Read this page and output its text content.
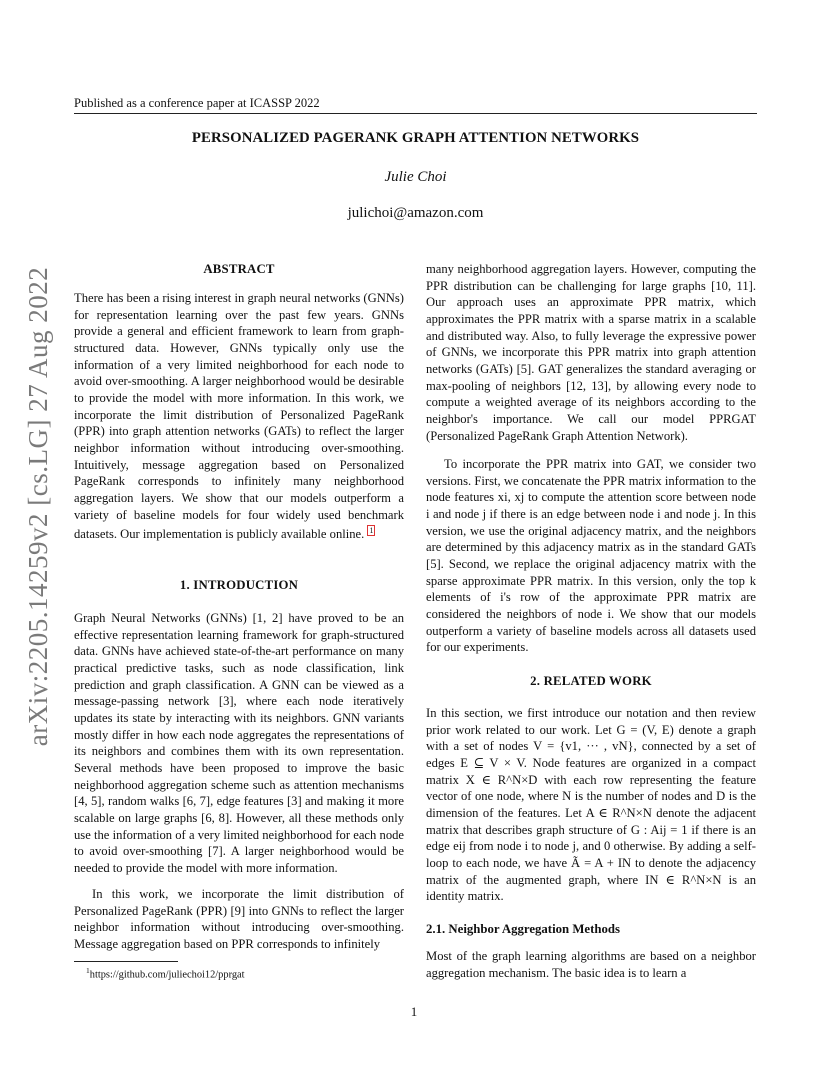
Published as a conference paper at ICASSP 2022
PERSONALIZED PAGERANK GRAPH ATTENTION NETWORKS
Julie Choi
julichoi@amazon.com
arXiv:2205.14259v2 [cs.LG] 27 Aug 2022	ABSTRACT

There has been a rising interest in graph neural networks (GNNs) for representation learning over the past few years. GNNs provide a general and efficient framework to learn from graph-structured data. However, GNNs typically only use the information of a very limited neighborhood for each node to avoid over-smoothing. A larger neighborhood would be desirable to provide the model with more information. In this work, we incorporate the limit distribution of Personalized PageRank (PPR) into graph attention networks (GATs) to reflect the larger neighbor information without introducing over-smoothing. Intuitively, message aggregation based on Personalized PageRank corresponds to infinitely many neighborhood aggregation layers. We show that our models outperform a variety of baseline models for four widely used benchmark datasets. Our implementation is publicly available online. $^1$

1. INTRODUCTION

Graph Neural Networks (GNNs) [1, 2] have proved to be an effective representation learning framework for graph-structured data. GNNs have achieved state-of-the-art performance on many practical predictive tasks, such as node classification, link prediction and graph classification. A GNN can be viewed as a message-passing network [3], where each node iteratively updates its state by interacting with its neighbors. GNN variants mostly differ in how each node aggregates the representations of its neighbors and combines them with its own representation. Several methods have been proposed to improve the basic neighborhood aggregation scheme such as attention mechanisms [4, 5], random walks [6, 7], edge features [3] and making it more scalable on large graphs [6, 8]. However, all these methods only use the information of a very limited neighborhood for each node to avoid over-smoothing [7]. A larger neighborhood would be needed to provide the model with more information.

In this work, we incorporate the limit distribution of Personalized PageRank (PPR) [9] into GNNs to reflect the larger neighbor information without introducing over-smoothing. Message aggregation based on PPR corresponds to infinitely

$^1$https://github.com/juliechoi12/pprgat

many neighborhood aggregation layers. However, computing the PPR distribution can be challenging for large graphs [10, 11]. Our approach uses an approximate PPR matrix, which approximates the PPR matrix with a sparse matrix in a scalable and distributed way. Also, to fully leverage the expressive power of GNNs, we incorporate this PPR matrix into graph attention networks (GATs) [5]. GAT generalizes the standard averaging or max-pooling of neighbors [12, 13], by allowing every node to compute a weighted average of its neighbors according to the neighbor's importance. We call our model PPRGAT (Personalized PageRank Graph Attention Network).

To incorporate the PPR matrix into GAT, we consider two versions. First, we concatenate the PPR matrix information to the node features xi, xj to compute the attention score between node i and node j if there is an edge between node i and node j. In this version, we use the original adjacency matrix, and the neighbors are determined by this adjacency matrix as in the standard GATs [5]. Second, we replace the original adjacency matrix with the sparse approximate PPR matrix. In this version, only the top k elements of i's row of the approximate PPR matrix are considered the neighbors of node i. We show that our models outperform a variety of baseline models across all datasets used for our experiments.

2. RELATED WORK

In this section, we first introduce our notation and then review prior work related to our work. Let G = (V, E) denote a graph with a set of nodes V = {v1, ··· , vN}, connected by a set of edges E ⊆ V × V. Node features are organized in a compact matrix X ∈ R^N×D with each row representing the feature vector of one node, where N is the number of nodes and D is the dimension of the features. Let A ∈ R^N×N denote the adjacent matrix that describes graph structure of G : Aij = 1 if there is an edge eij from node i to node j, and 0 otherwise. By adding a self-loop to each node, we have Ã = A + IN to denote the adjacency matrix of the augmented graph, where IN ∈ R^N×N is an identity matrix.

2.1. Neighbor Aggregation Methods

Most of the graph learning algorithms are based on a neighbor aggregation mechanism. The basic idea is to learn a

1
